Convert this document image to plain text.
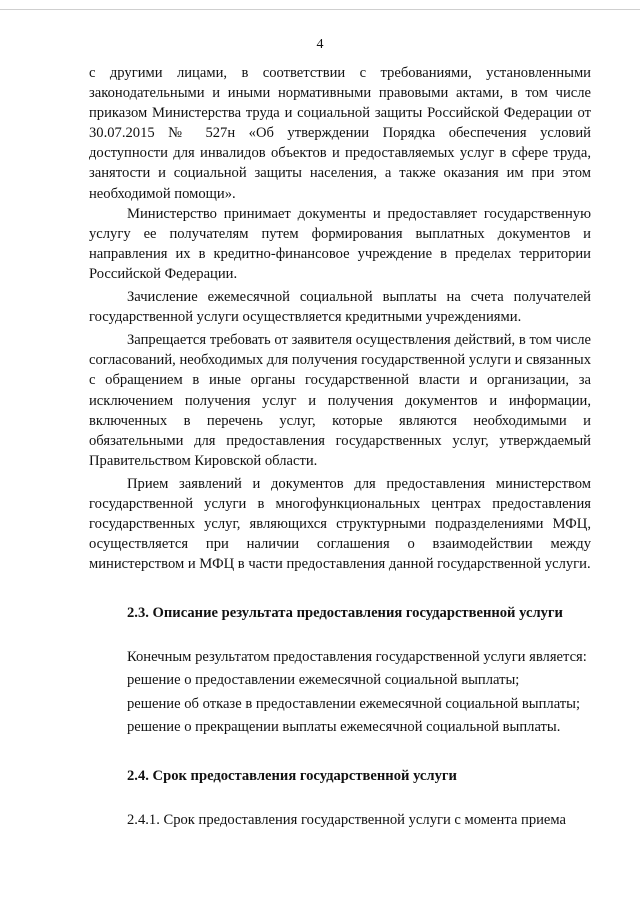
4

с другими лицами, в соответствии с требованиями, установленными законодательными и иными нормативными правовыми актами, в том числе приказом Министерства труда и социальной защиты Российской Федерации от 30.07.2015 № 527н «Об утверждении Порядка обеспечения условий доступности для инвалидов объектов и предоставляемых услуг в сфере труда, занятости и социальной защиты населения, а также оказания им при этом необходимой помощи».

Министерство принимает документы и предоставляет государственную услугу ее получателям путем формирования выплатных документов и направления их в кредитно-финансовое учреждение в пределах территории Российской Федерации.

Зачисление ежемесячной социальной выплаты на счета получателей государственной услуги осуществляется кредитными учреждениями.

Запрещается требовать от заявителя осуществления действий, в том числе согласований, необходимых для получения государственной услуги и связанных с обращением в иные органы государственной власти и организации, за исключением получения услуг и получения документов и информации, включенных в перечень услуг, которые являются необходимыми и обязательными для предоставления государственных услуг, утверждаемый Правительством Кировской области.

Прием заявлений и документов для предоставления министерством государственной услуги в многофункциональных центрах предоставления государственных услуг, являющихся структурными подразделениями МФЦ, осуществляется при наличии соглашения о взаимодействии между министерством и МФЦ в части предоставления данной государственной услуги.

2.3. Описание результата предоставления государственной услуги

Конечным результатом предоставления государственной услуги является:

решение о предоставлении ежемесячной социальной выплаты;

решение об отказе в предоставлении ежемесячной социальной выплаты;

решение о прекращении выплаты ежемесячной социальной выплаты.

2.4. Срок предоставления государственной услуги

2.4.1. Срок предоставления государственной услуги с момента приема
